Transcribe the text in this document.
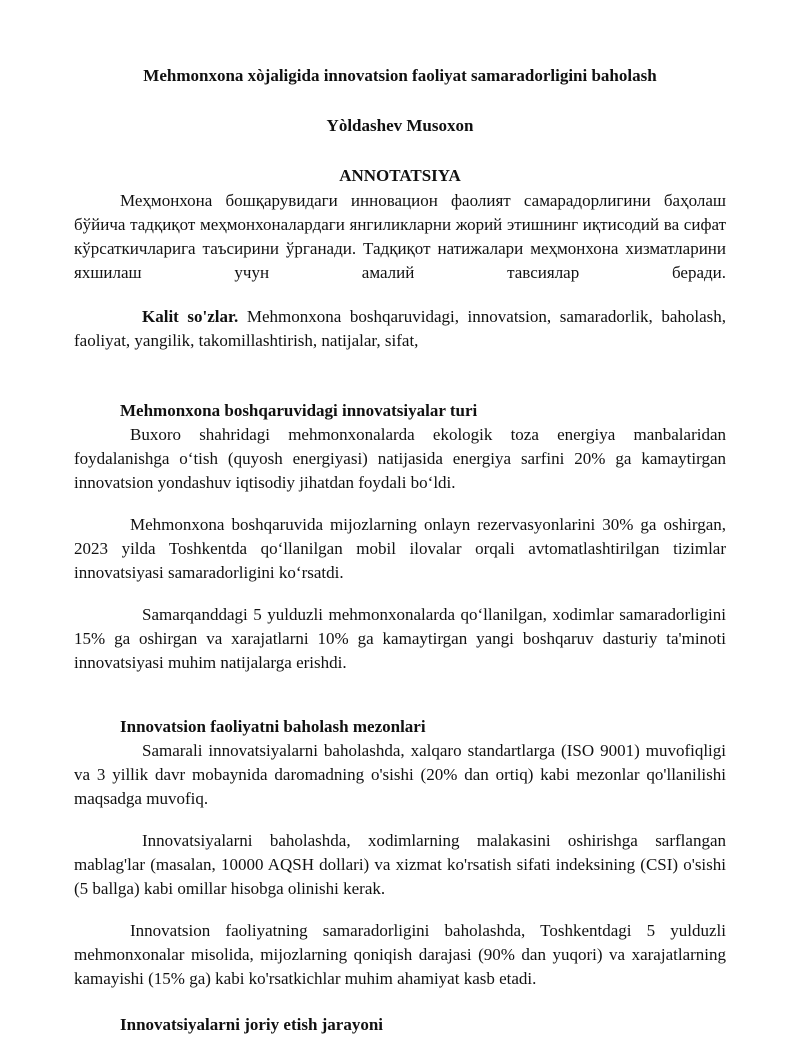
Mehmonxona xòjaligida innovatsion faoliyat samaradorligini baholash
Yòldashev Musoxon
ANNOTATSIYA

Меҳмонхона бошқарувидаги инновацион фаолият самарадорлигини баҳолаш бўйича тадқиқот меҳмонхоналардаги янгиликларни жорий этишнинг иқтисодий ва сифат кўрсаткичларига таъсирини ўрганади. Тадқиқот натижалари меҳмонхона хизматларини яхшилаш учун амалий тавсиялар беради.

Kalit so'zlar. Mehmonxona boshqaruvidagi, innovatsion, samaradorlik, baholash, faoliyat, yangilik, takomillashtirish, natijalar, sifat,

Mehmonxona boshqaruvidagi innovatsiyalar turi

Buxoro shahridagi mehmonxonalarda ekologik toza energiya manbalaridan foydalanishga oʻtish (quyosh energiyasi) natijasida energiya sarfini 20% ga kamaytirgan innovatsion yondashuv iqtisodiy jihatdan foydali boʻldi.

Mehmonxona boshqaruvida mijozlarning onlayn rezervasyonlarini 30% ga oshirgan, 2023 yilda Toshkentda qoʻllanilgan mobil ilovalar orqali avtomatlashtirilgan tizimlar innovatsiyasi samaradorligini koʻrsatdi.

Samarqanddagi 5 yulduzli mehmonxonalarda qoʻllanilgan, xodimlar samaradorligini 15% ga oshirgan va xarajatlarni 10% ga kamaytirgan yangi boshqaruv dasturiy ta'minoti innovatsiyasi muhim natijalarga erishdi.

Innovatsion faoliyatni baholash mezonlari

Samarali innovatsiyalarni baholashda, xalqaro standartlarga (ISO 9001) muvofiqligi va 3 yillik davr mobaynida daromadning o'sishi (20% dan ortiq) kabi mezonlar qo'llanilishi maqsadga muvofiq.

Innovatsiyalarni baholashda, xodimlarning malakasini oshirishga sarflangan mablag'lar (masalan, 10000 AQSH dollari) va xizmat ko'rsatish sifati indeksining (CSI) o'sishi (5 ballga) kabi omillar hisobga olinishi kerak.

Innovatsion faoliyatning samaradorligini baholashda, Toshkentdagi 5 yulduzli mehmonxonalar misolida, mijozlarning qoniqish darajasi (90% dan yuqori) va xarajatlarning kamayishi (15% ga) kabi ko'rsatkichlar muhim ahamiyat kasb etadi.

Innovatsiyalarni joriy etish jarayoni
